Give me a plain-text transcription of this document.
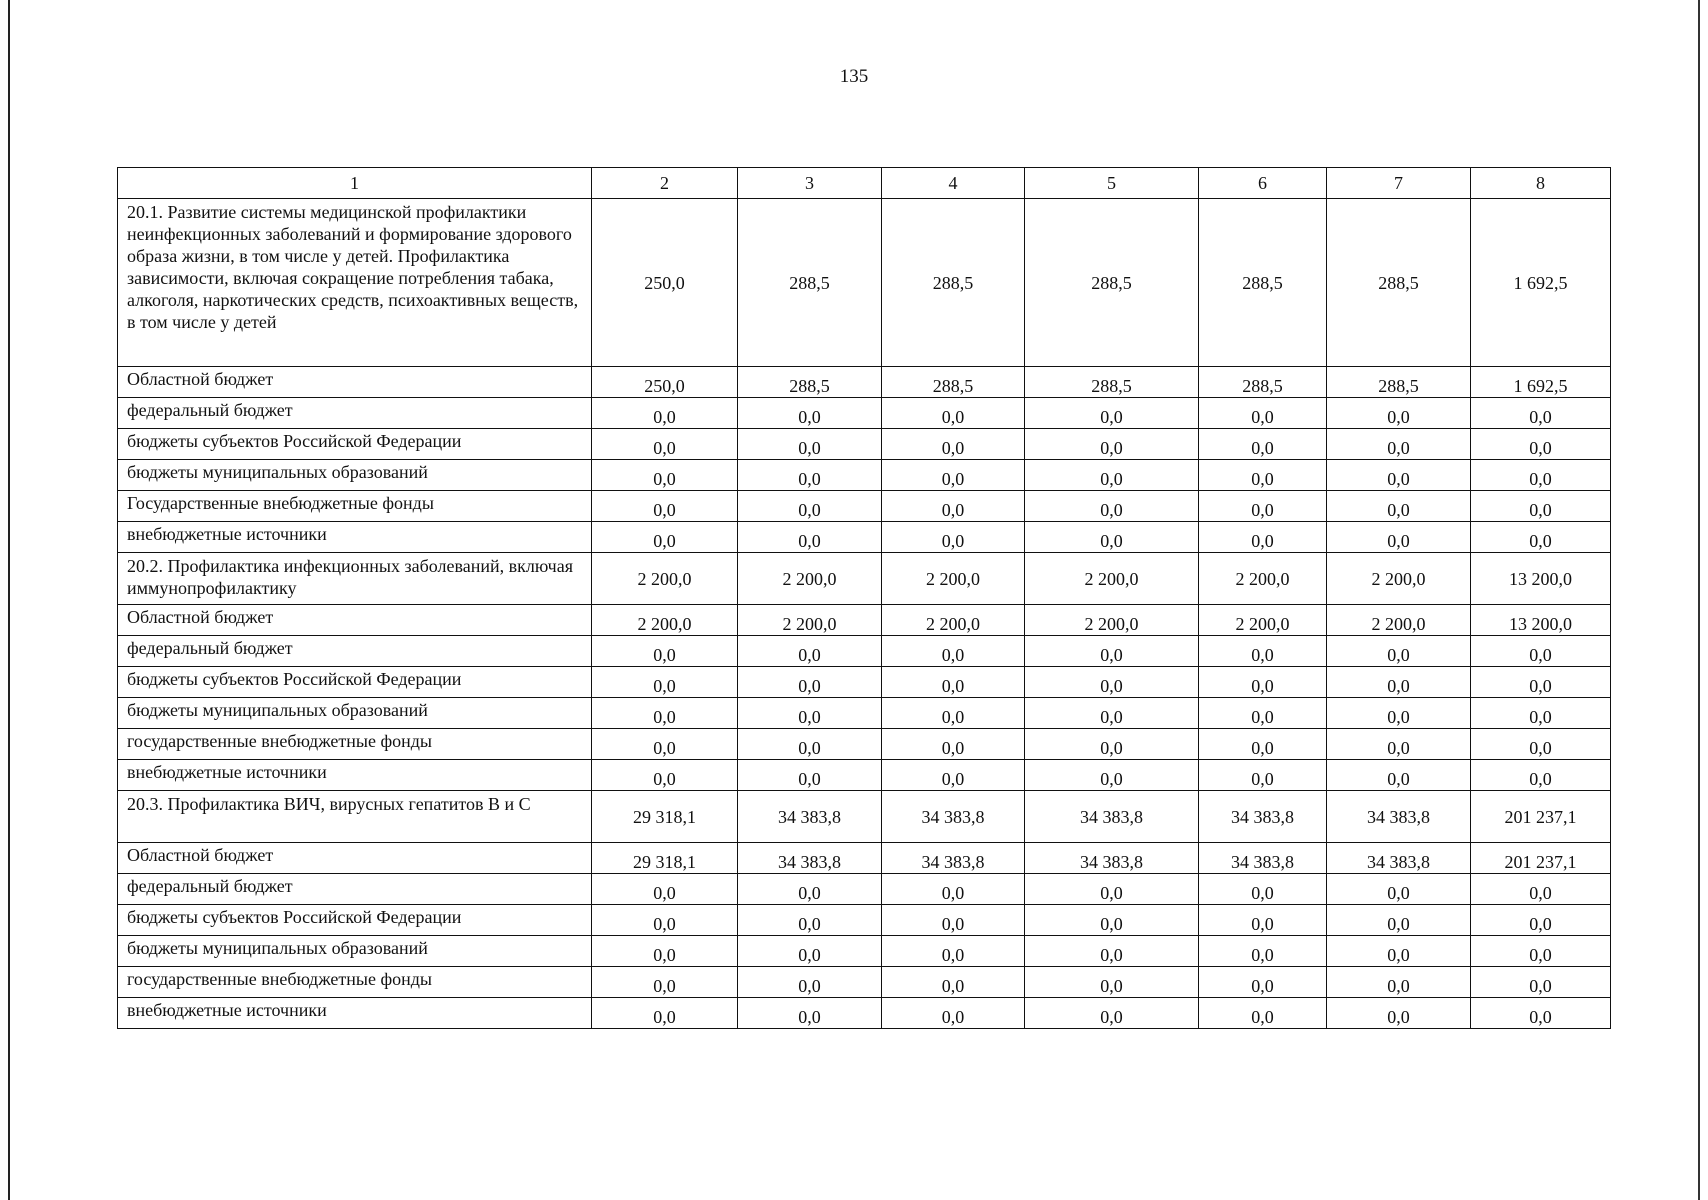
135
1	2	3	4	5	6	7	8
20.1. Развитие системы медицинской профилактики неинфекционных заболеваний и формирование здорового образа жизни, в том числе у детей. Профилактика зависимости, включая сокращение потребления табака, алкоголя, наркотических средств, психоактивных веществ, в том числе у детей	250,0	288,5	288,5	288,5	288,5	288,5	1 692,5
Областной бюджет	250,0	288,5	288,5	288,5	288,5	288,5	1 692,5
федеральный бюджет	0,0	0,0	0,0	0,0	0,0	0,0	0,0
бюджеты субъектов Российской Федерации	0,0	0,0	0,0	0,0	0,0	0,0	0,0
бюджеты муниципальных образований	0,0	0,0	0,0	0,0	0,0	0,0	0,0
Государственные внебюджетные фонды	0,0	0,0	0,0	0,0	0,0	0,0	0,0
внебюджетные источники	0,0	0,0	0,0	0,0	0,0	0,0	0,0
20.2. Профилактика инфекционных заболеваний, включая иммунопрофилактику	2 200,0	2 200,0	2 200,0	2 200,0	2 200,0	2 200,0	13 200,0
Областной бюджет	2 200,0	2 200,0	2 200,0	2 200,0	2 200,0	2 200,0	13 200,0
федеральный бюджет	0,0	0,0	0,0	0,0	0,0	0,0	0,0
бюджеты субъектов Российской Федерации	0,0	0,0	0,0	0,0	0,0	0,0	0,0
бюджеты муниципальных образований	0,0	0,0	0,0	0,0	0,0	0,0	0,0
государственные внебюджетные фонды	0,0	0,0	0,0	0,0	0,0	0,0	0,0
внебюджетные источники	0,0	0,0	0,0	0,0	0,0	0,0	0,0
20.3. Профилактика ВИЧ, вирусных гепатитов В и С	29 318,1	34 383,8	34 383,8	34 383,8	34 383,8	34 383,8	201 237,1
Областной бюджет	29 318,1	34 383,8	34 383,8	34 383,8	34 383,8	34 383,8	201 237,1
федеральный бюджет	0,0	0,0	0,0	0,0	0,0	0,0	0,0
бюджеты субъектов Российской Федерации	0,0	0,0	0,0	0,0	0,0	0,0	0,0
бюджеты муниципальных образований	0,0	0,0	0,0	0,0	0,0	0,0	0,0
государственные внебюджетные фонды	0,0	0,0	0,0	0,0	0,0	0,0	0,0
внебюджетные источники	0,0	0,0	0,0	0,0	0,0	0,0	0,0
